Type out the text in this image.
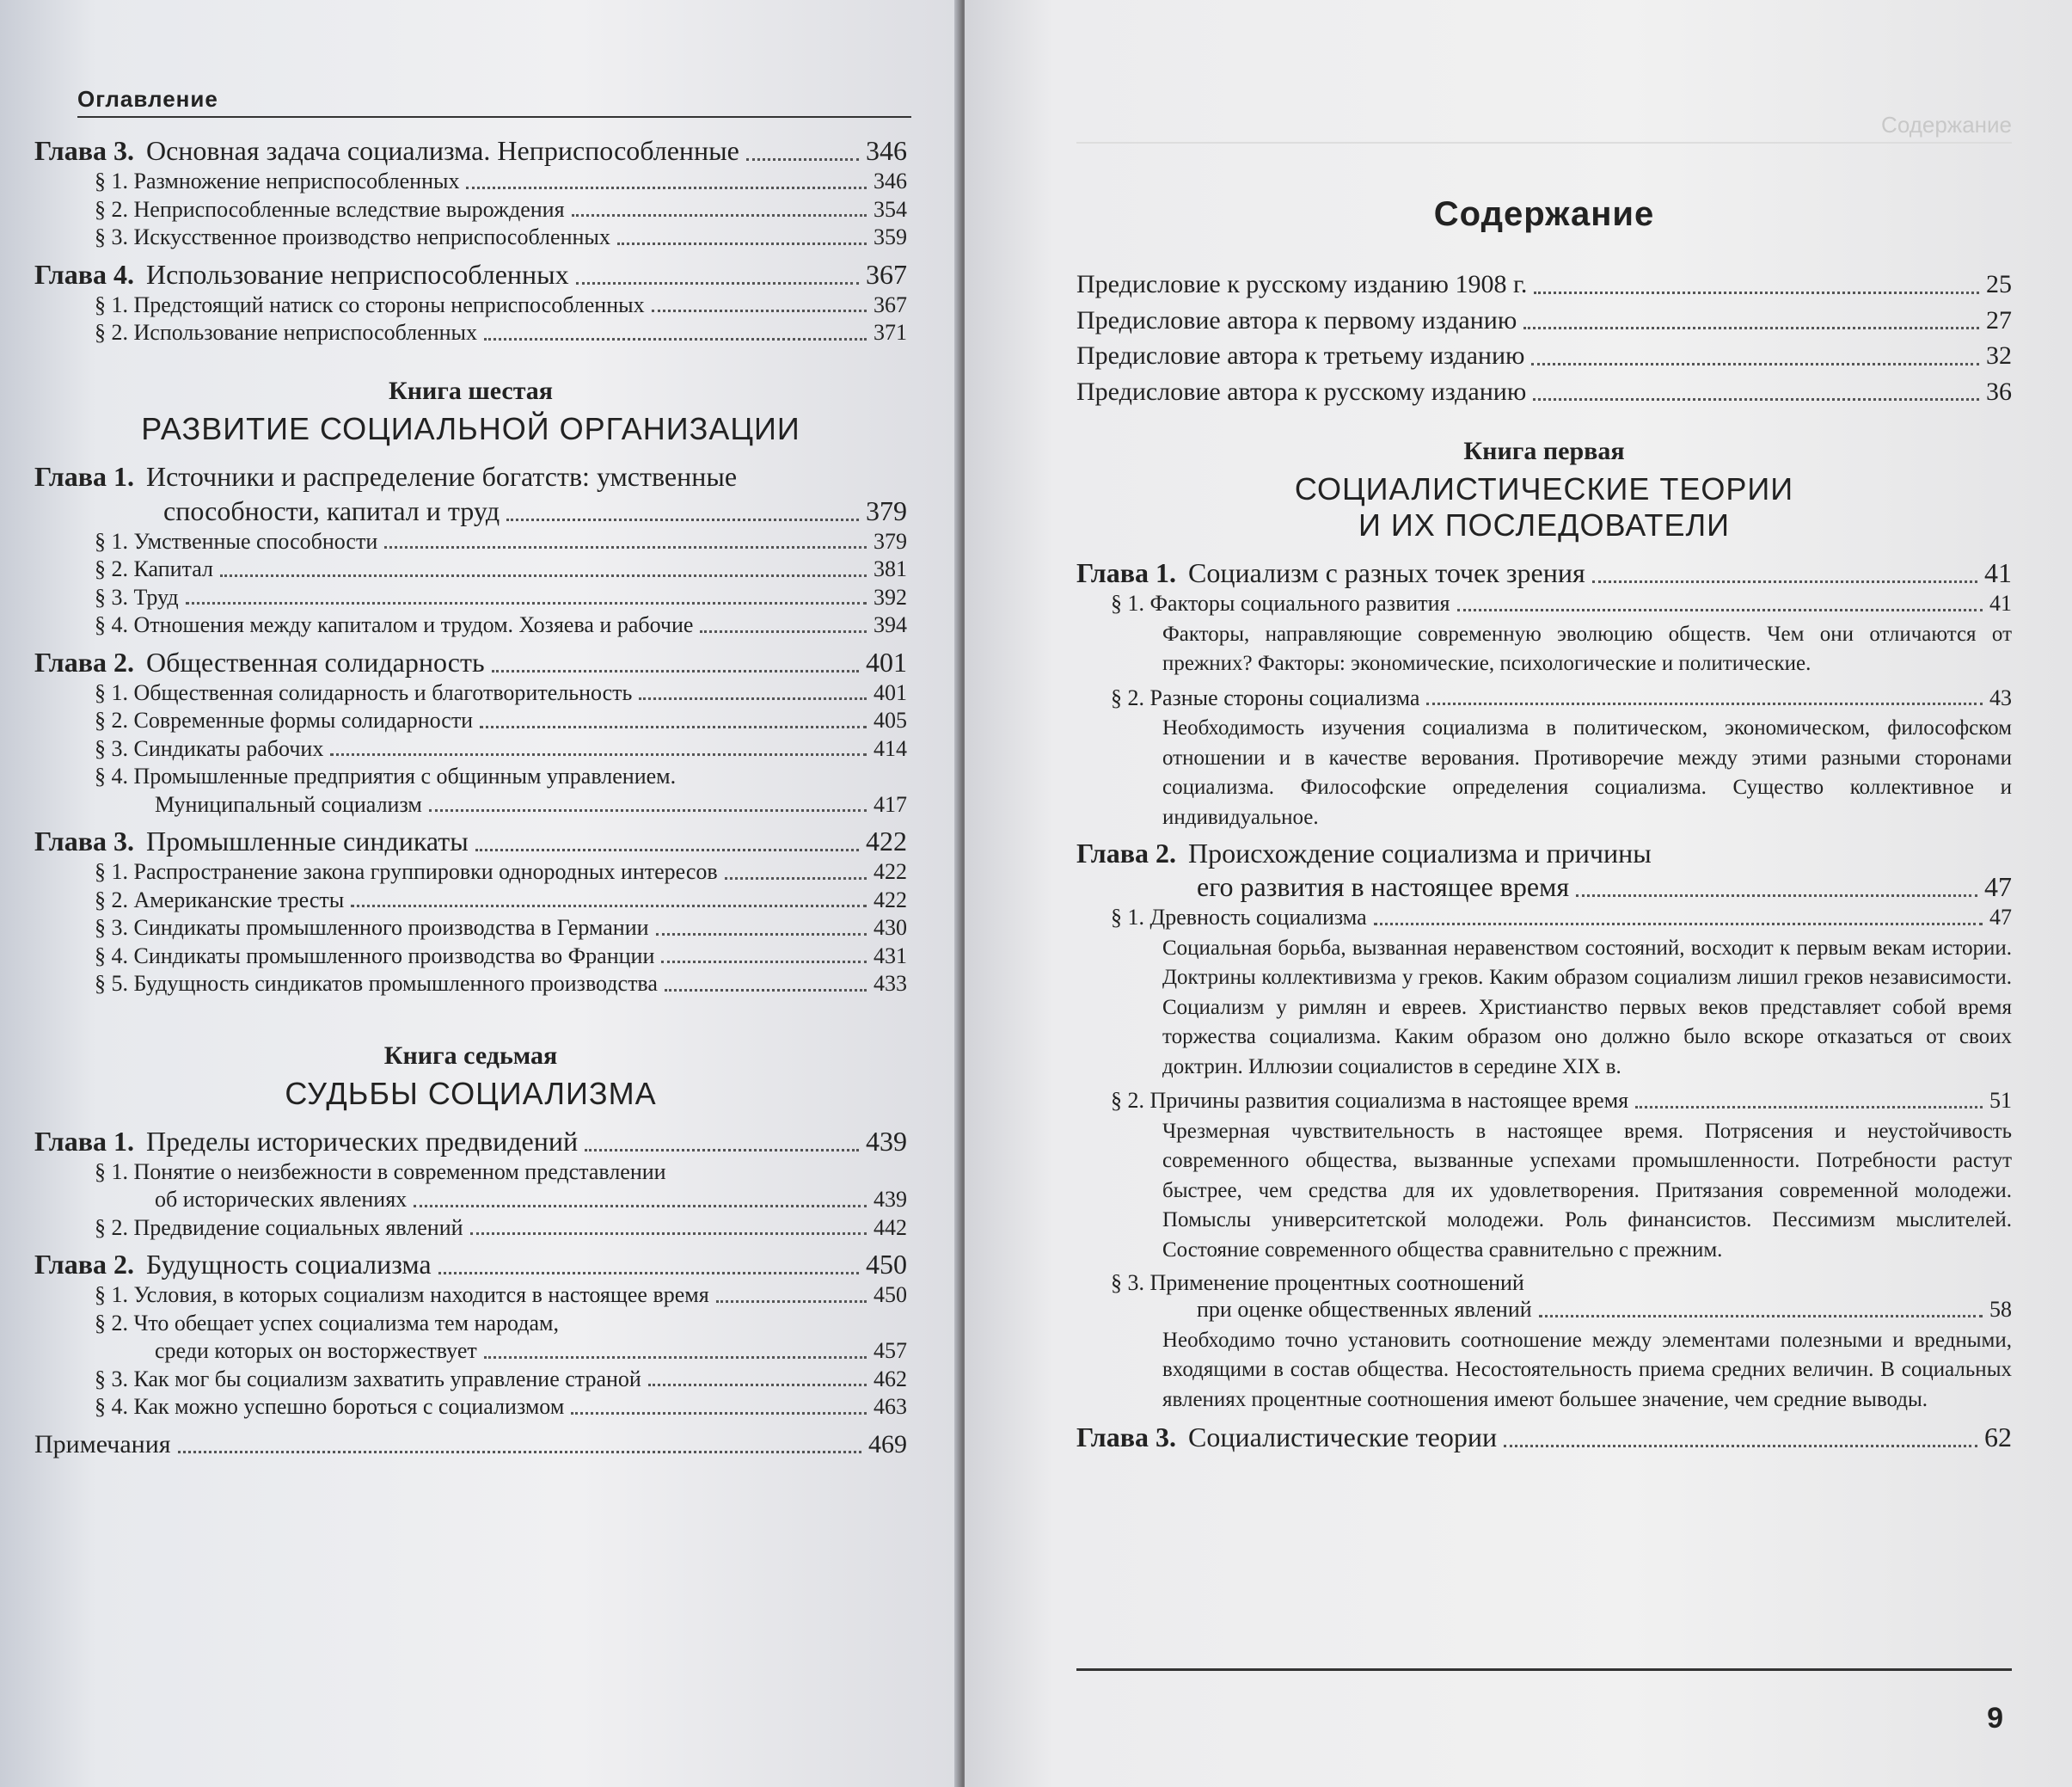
Оглавление
Глава 3. Основная задача социализма. Неприспособленные	346
§ 1. Размножение неприспособленных	346
§ 2. Неприспособленные вследствие вырождения	354
§ 3. Искусственное производство неприспособленных	359
Глава 4. Использование неприспособленных	367
§ 1. Предстоящий натиск со стороны неприспособленных	367
§ 2. Использование неприспособленных	371
Книга шестая
РАЗВИТИЕ СОЦИАЛЬНОЙ ОРГАНИЗАЦИИ
Глава 1. Источники и распределение богатств: умственные
способности, капитал и труд	379
§ 1. Умственные способности	379
§ 2. Капитал	381
§ 3. Труд	392
§ 4. Отношения между капиталом и трудом. Хозяева и рабочие	394
Глава 2. Общественная солидарность	401
§ 1. Общественная солидарность и благотворительность	401
§ 2. Современные формы солидарности	405
§ 3. Синдикаты рабочих	414
§ 4. Промышленные предприятия с общинным управлением.
Муниципальный социализм	417
Глава 3. Промышленные синдикаты	422
§ 1. Распространение закона группировки однородных интересов	422
§ 2. Американские тресты	422
§ 3. Синдикаты промышленного производства в Германии	430
§ 4. Синдикаты промышленного производства во Франции	431
§ 5. Будущность синдикатов промышленного производства	433
Книга седьмая
СУДЬБЫ СОЦИАЛИЗМА
Глава 1. Пределы исторических предвидений	439
§ 1. Понятие о неизбежности в современном представлении
об исторических явлениях	439
§ 2. Предвидение социальных явлений	442
Глава 2. Будущность социализма	450
§ 1. Условия, в которых социализм находится в настоящее время	450
§ 2. Что обещает успех социализма тем народам,
среди которых он восторжествует	457
§ 3. Как мог бы социализм захватить управление страной	462
§ 4. Как можно успешно бороться с социализмом	463
Примечания	469
Содержание
Содержание
Предисловие к русскому изданию 1908 г.	25
Предисловие автора к первому изданию	27
Предисловие автора к третьему изданию	32
Предисловие автора к русскому изданию	36
Книга первая
СОЦИАЛИСТИЧЕСКИЕ ТЕОРИИ
И ИХ ПОСЛЕДОВАТЕЛИ
Глава 1. Социализм с разных точек зрения	41
§ 1. Факторы социального развития	41
Факторы, направляющие современную эволюцию обществ. Чем они отличаются от прежних? Факторы: экономические, психологические и политические.
§ 2. Разные стороны социализма	43
Необходимость изучения социализма в политическом, экономическом, философском отношении и в качестве верования. Противоречие между этими разными сторонами социализма. Философские определения социализма. Существо коллективное и индивидуальное.
Глава 2. Происхождение социализма и причины
его развития в настоящее время	47
§ 1. Древность социализма	47
Социальная борьба, вызванная неравенством состояний, восходит к первым векам истории. Доктрины коллективизма у греков. Каким образом социализм лишил греков независимости. Социализм у римлян и евреев. Христианство первых веков представляет собой время торжества социализма. Каким образом оно должно было вскоре отказаться от своих доктрин. Иллюзии социалистов в середине XIX в.
§ 2. Причины развития социализма в настоящее время	51
Чрезмерная чувствительность в настоящее время. Потрясения и неустойчивость современного общества, вызванные успехами промышленности. Потребности растут быстрее, чем средства для их удовлетворения. Притязания современной молодежи. Помыслы университетской молодежи. Роль финансистов. Пессимизм мыслителей. Состояние современного общества сравнительно с прежним.
§ 3. Применение процентных соотношений
при оценке общественных явлений	58
Необходимо точно установить соотношение между элементами полезными и вредными, входящими в состав общества. Несостоятельность приема средних величин. В социальных явлениях процентные соотношения имеют большее значение, чем средние выводы.
Глава 3. Социалистические теории	62
9
